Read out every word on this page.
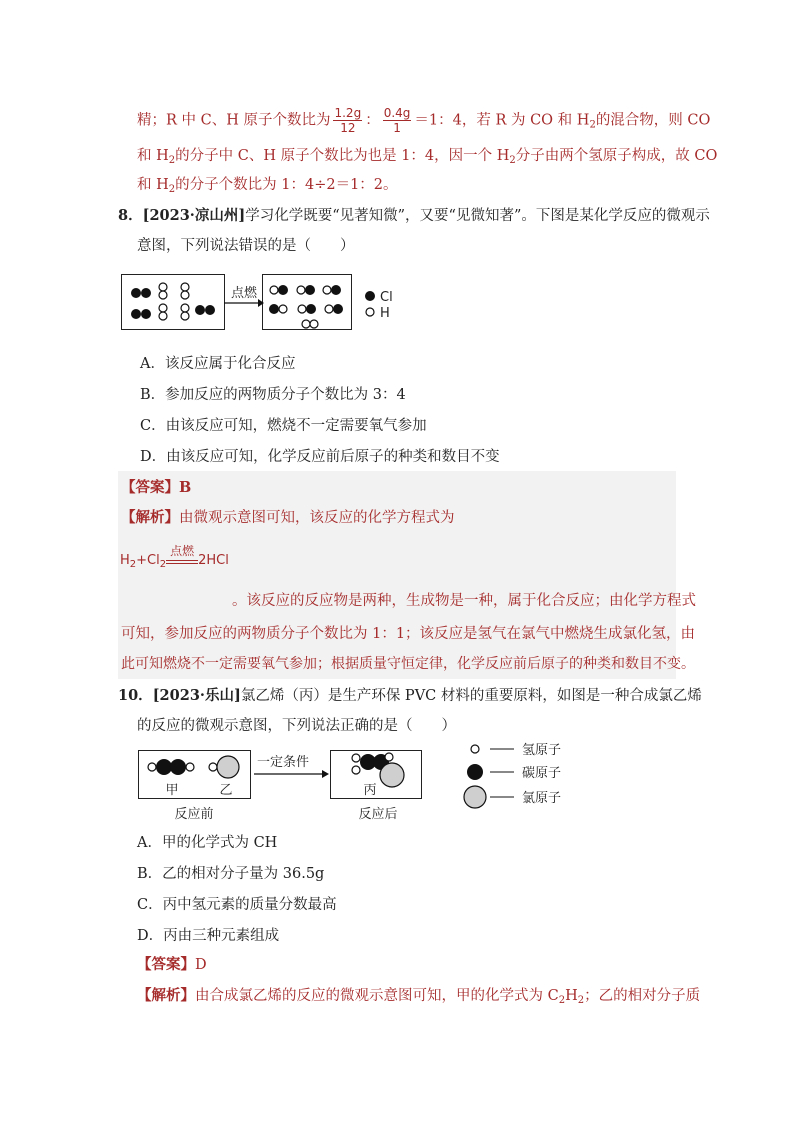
精；R 中 C、H 原子个数比为 $\frac{1.2g}{12}$ ： $\frac{0.4g}{1} =1$：4，若 R 为 CO 和 $H_2$的混合物，则 CO
和 $H_2$的分子中 C、H 原子个数比为也是 1：4，因一个 $H_2$分子由两个氢原子构成，故 CO
和 $H_2$的分子个数比为 1：4÷2＝1：2。
8．[2023·凉山州]学习化学既要“见著知微”，又要“见微知著”。下图是某化学反应的微观示
意图，下列说法错误的是（　　）
点燃	Cl
H
A．该反应属于化合反应
B．参加反应的两物质分子个数比为 3：4
C．由该反应可知，燃烧不一定需要氧气参加
D．由该反应可知，化学反应前后原子的种类和数目不变
【答案】B
【解析】由微观示意图可知，该反应的化学方程式为
$H_2+Cl_2$
点燃
2HCl
。该反应的反应物是两种，生成物是一种，属于化合反应；由化学方程式
可知，参加反应的两物质分子个数比为 1：1；该反应是氢气在氯气中燃烧生成氯化氢，由
此可知燃烧不一定需要氧气参加；根据质量守恒定律，化学反应前后原子的种类和数目不变。
10．[2023·乐山]氯乙烯（丙）是生产环保 PVC 材料的重要原料，如图是一种合成氯乙烯
的反应的微观示意图，下列说法正确的是（　　）
甲	乙
反应前
一定条件
丙
反应后
氢原子
碳原子
氯原子
A．甲的化学式为 CH
B．乙的相对分子量为 36.5g
C．丙中氢元素的质量分数最高
D．丙由三种元素组成
【答案】D
【解析】由合成氯乙烯的反应的微观示意图可知，甲的化学式为 $C_2H_2$；乙的相对分子质
